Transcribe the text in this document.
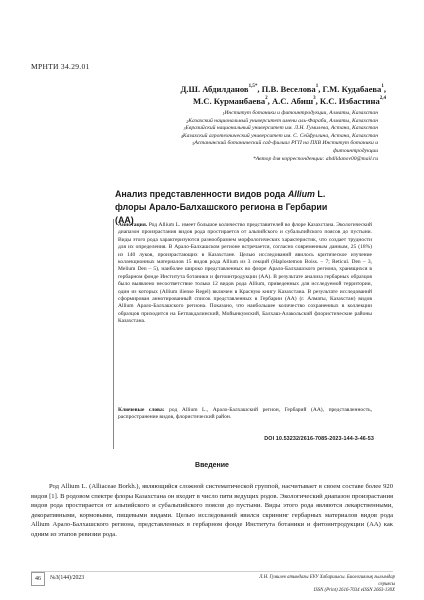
МРНТИ 34.29.01
Д.Ш. Абдилданов$^{1,5*}$, П.В. Веселова$^1$, Г.М. Кудабаева$^1$,
М.С. Курманбаева$^2$, А.С. Абиш$^3$, К.С. Избастина$^{2,4}$
$^1$Институт ботаники и фитоинтродукции, Алматы, Казахстан
$^2$Казахский национальный университет имени аль-Фараби, Алматы, Казахстан
$^3$Евразийский национальный университет им. Л.Н. Гумилева, Астана, Казахстан
$^4$Казахский агротехнический университет им. С. Сейфуллина, Астана, Казахстан
$^5$Астанинский ботанический сад-филиал РГП на ПХВ Институт ботаники и
фитоинтродукции
*Автор для корреспонденции: abdildanov00@mail.ru
Анализ представленности видов рода Allium L. флоры Арало-Балхашского региона в Гербарии (АА)
Аннотация. Род Allium L. имеет большое количество представителей во флоре Казахстана. Экологический диапазон произрастания видов рода простирается от альпийского и субальпийского поясов до пустыни. Виды этого рода характеризуются разнообразием морфологических характеристик, что создает трудности для их определения. В Арало-Балхашском регионе встречается, согласно современным данным, 25 (18%) из 140 луков, произрастающих в Казахстане. Целью исследований явилось критическое изучение коллекционных материалов 15 видов рода Allium из 3 секций (Haplostemon Boiss. – 7; Reticul. Den – 3, Melium Den – 5), наиболее широко представленных во флоре Арало-Балхашского региона, хранящихся в гербарном фонде Института ботаники и фитоинтродукции (АА). В результате анализа гербарных образцов было выявлено несоответствие только 12 видов рода Allium, приведенных для исследуемой территории, один из которых (Allium iliense Regel) включен в Красную книгу Казахстана. В результате исследований сформирован аннотированный список представленных в Гербарии (АА) (г. Алматы, Казахстан) видов Allium Арало-Балхашского региона. Показано, что наибольшее количество сохраненных в коллекции образцов приходится на Бетпакдалинский, Мойынкумский, Балхаш-Алакольский флористические районы Казахстана.
Ключевые слова: род Allium L., Арало-Балхашский регион, Гербарий (АА), представленность, распространение видов, флористический район.
DOI 10.53232/2616-7085-2023-144-3-46-53
Введение

Род Allium L. (Alliaceae Borkh.), являющийся сложной систематической группой, насчитывает в своем составе более 920 видов [1]. В родовом спектре флоры Казахстана он входит в число пяти ведущих родов. Экологический диапазон произрастания видов рода простирается от альпийского и субальпийского поясов до пустыни. Виды этого рода являются лекарственными, декоративными, кормовыми, пищевыми видами. Целью исследований явился скрининг гербарных материалов видов рода Allium Арало-Балхашского региона, представленных в гербарном фонде Института ботаники и фитоинтродукции (АА) как одним из этапов ревизии рода.

46	№3(144)/2023	Л.Н. Гумилев атындағы ЕҰУ Хабаршысы. Биологиялық ғылымдар сериясы
ISSN (Print) 2616-7034 eISSN 2663-130X
